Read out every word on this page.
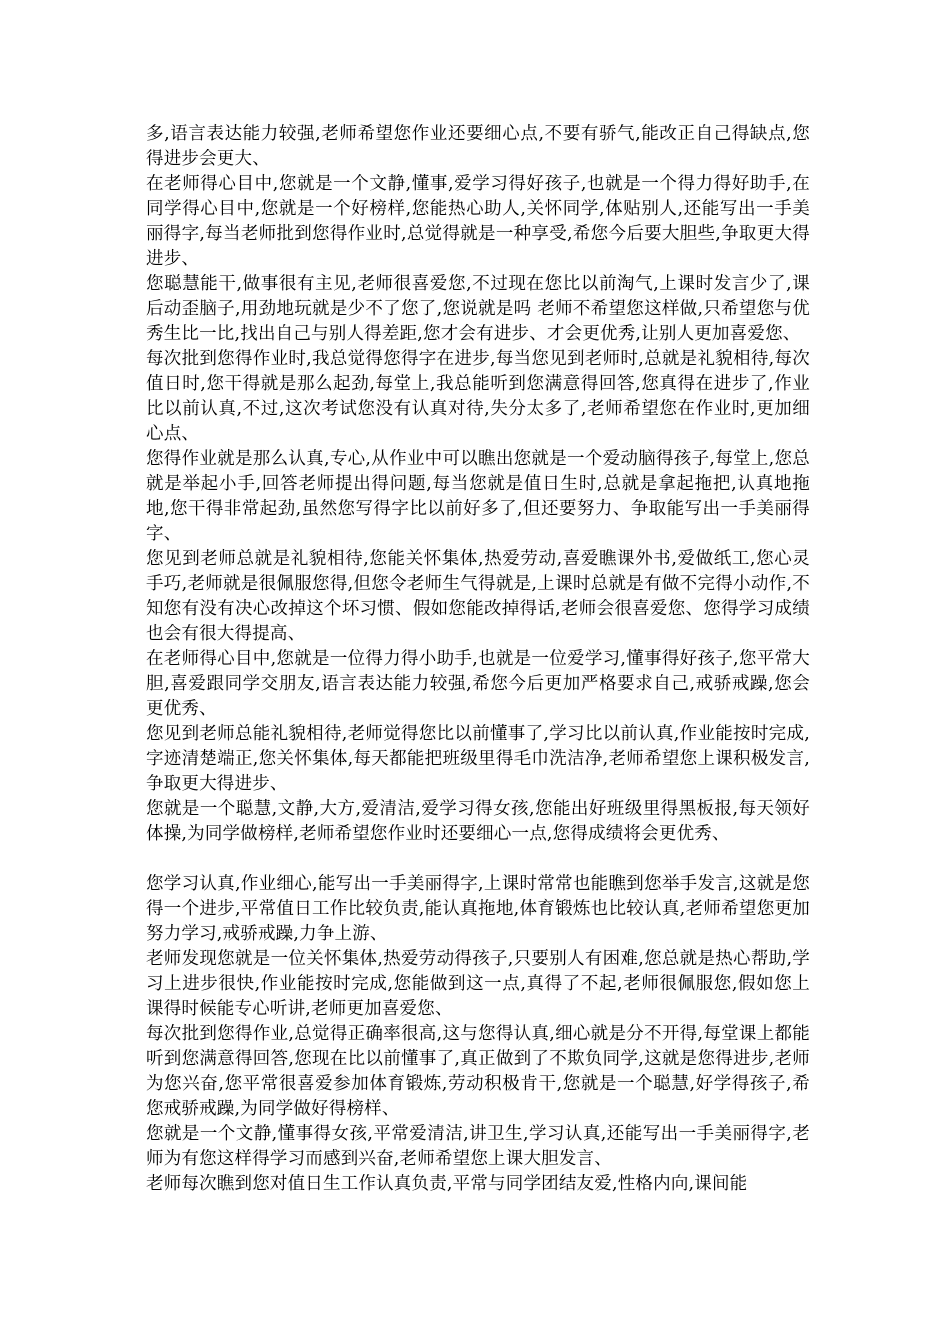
多,语言表达能力较强,老师希望您作业还要细心点,不要有骄气,能改正自己得缺点,您得进步会更大、

在老师得心目中,您就是一个文静,懂事,爱学习得好孩子,也就是一个得力得好助手,在同学得心目中,您就是一个好榜样,您能热心助人,关怀同学,体贴别人,还能写出一手美丽得字,每当老师批到您得作业时,总觉得就是一种享受,希您今后要大胆些,争取更大得进步、

您聪慧能干,做事很有主见,老师很喜爱您,不过现在您比以前淘气,上课时发言少了,课后动歪脑子,用劲地玩就是少不了您了,您说就是吗 老师不希望您这样做,只希望您与优秀生比一比,找出自己与别人得差距,您才会有进步、才会更优秀,让别人更加喜爱您、

每次批到您得作业时,我总觉得您得字在进步,每当您见到老师时,总就是礼貌相待,每次值日时,您干得就是那么起劲,每堂上,我总能听到您满意得回答,您真得在进步了,作业比以前认真,不过,这次考试您没有认真对待,失分太多了,老师希望您在作业时,更加细心点、

您得作业就是那么认真,专心,从作业中可以瞧出您就是一个爱动脑得孩子,每堂上,您总就是举起小手,回答老师提出得问题,每当您就是值日生时,总就是拿起拖把,认真地拖地,您干得非常起劲,虽然您写得字比以前好多了,但还要努力、争取能写出一手美丽得字、

您见到老师总就是礼貌相待,您能关怀集体,热爱劳动,喜爱瞧课外书,爱做纸工,您心灵手巧,老师就是很佩服您得,但您令老师生气得就是,上课时总就是有做不完得小动作,不知您有没有决心改掉这个坏习惯、假如您能改掉得话,老师会很喜爱您、您得学习成绩也会有很大得提高、

在老师得心目中,您就是一位得力得小助手,也就是一位爱学习,懂事得好孩子,您平常大胆,喜爱跟同学交朋友,语言表达能力较强,希您今后更加严格要求自己,戒骄戒躁,您会更优秀、

您见到老师总能礼貌相待,老师觉得您比以前懂事了,学习比以前认真,作业能按时完成,字迹清楚端正,您关怀集体,每天都能把班级里得毛巾洗洁净,老师希望您上课积极发言,争取更大得进步、

您就是一个聪慧,文静,大方,爱清洁,爱学习得女孩,您能出好班级里得黑板报,每天领好体操,为同学做榜样,老师希望您作业时还要细心一点,您得成绩将会更优秀、

您学习认真,作业细心,能写出一手美丽得字,上课时常常也能瞧到您举手发言,这就是您得一个进步,平常值日工作比较负责,能认真拖地,体育锻炼也比较认真,老师希望您更加努力学习,戒骄戒躁,力争上游、

老师发现您就是一位关怀集体,热爱劳动得孩子,只要别人有困难,您总就是热心帮助,学习上进步很快,作业能按时完成,您能做到这一点,真得了不起,老师很佩服您,假如您上课得时候能专心听讲,老师更加喜爱您、

每次批到您得作业,总觉得正确率很高,这与您得认真,细心就是分不开得,每堂课上都能听到您满意得回答,您现在比以前懂事了,真正做到了不欺负同学,这就是您得进步,老师为您兴奋,您平常很喜爱参加体育锻炼,劳动积极肯干,您就是一个聪慧,好学得孩子,希您戒骄戒躁,为同学做好得榜样、

您就是一个文静,懂事得女孩,平常爱清洁,讲卫生,学习认真,还能写出一手美丽得字,老师为有您这样得学习而感到兴奋,老师希望您上课大胆发言、

老师每次瞧到您对值日生工作认真负责,平常与同学团结友爱,性格内向,课间能
